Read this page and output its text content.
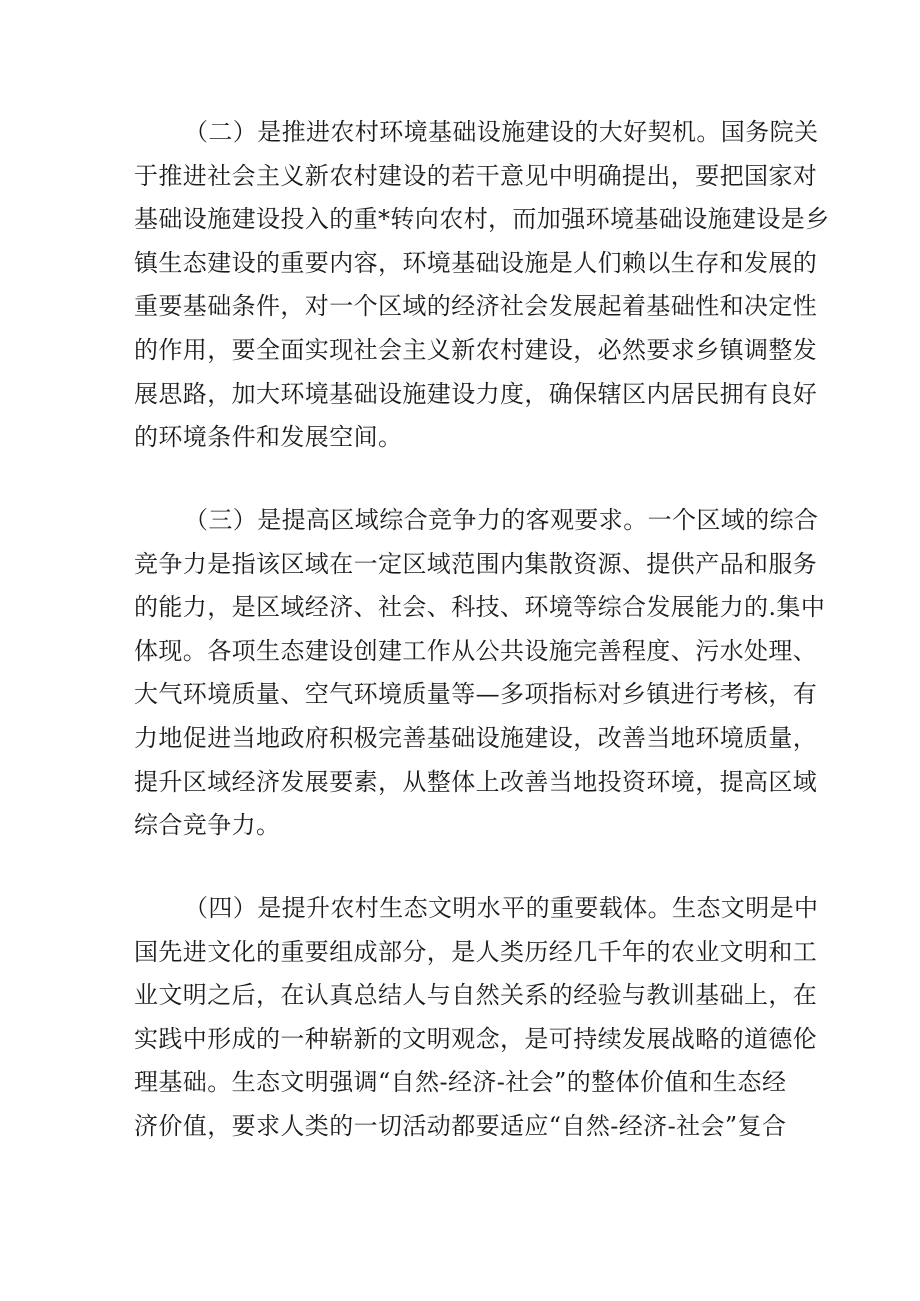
（二）是推进农村环境基础设施建设的大好契机。国务院关
于推进社会主义新农村建设的若干意见中明确提出，要把国家对
基础设施建设投入的重*转向农村，而加强环境基础设施建设是乡
镇生态建设的重要内容，环境基础设施是人们赖以生存和发展的
重要基础条件，对一个区域的经济社会发展起着基础性和决定性
的作用，要全面实现社会主义新农村建设，必然要求乡镇调整发
展思路，加大环境基础设施建设力度，确保辖区内居民拥有良好
的环境条件和发展空间。
（三）是提高区域综合竞争力的客观要求。一个区域的综合
竞争力是指该区域在一定区域范围内集散资源、提供产品和服务
的能力，是区域经济、社会、科技、环境等综合发展能力的.集中
体现。各项生态建设创建工作从公共设施完善程度、污水处理、
大气环境质量、空气环境质量等—多项指标对乡镇进行考核，有
力地促进当地政府积极完善基础设施建设，改善当地环境质量，
提升区域经济发展要素，从整体上改善当地投资环境，提高区域
综合竞争力。
（四）是提升农村生态文明水平的重要载体。生态文明是中
国先进文化的重要组成部分，是人类历经几千年的农业文明和工
业文明之后，在认真总结人与自然关系的经验与教训基础上，在
实践中形成的一种崭新的文明观念，是可持续发展战略的道德伦
理基础。生态文明强调“自然-经济-社会”的整体价值和生态经
济价值，要求人类的一切活动都要适应“自然-经济-社会”复合
